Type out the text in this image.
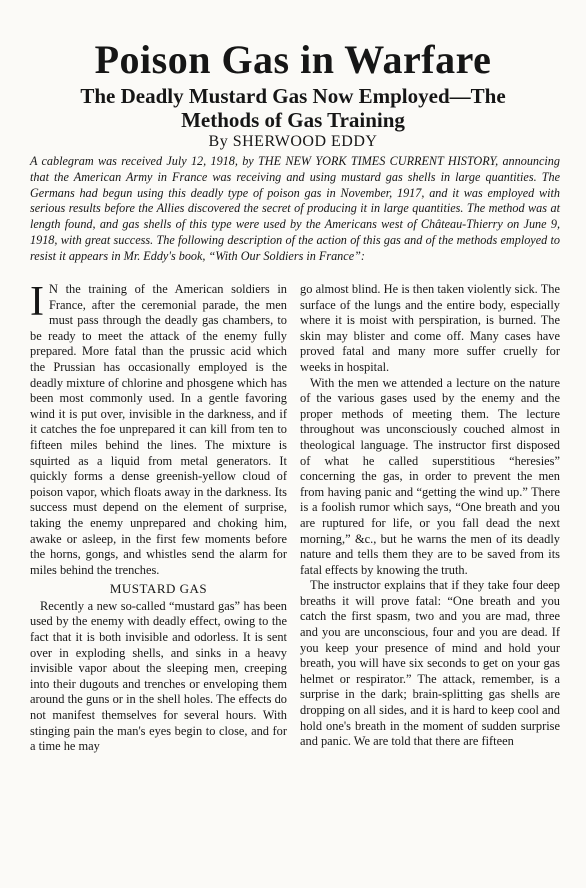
Poison Gas in Warfare
The Deadly Mustard Gas Now Employed—The Methods of Gas Training
By SHERWOOD EDDY
A cablegram was received July 12, 1918, by THE NEW YORK TIMES CURRENT HISTORY, announcing that the American Army in France was receiving and using mustard gas shells in large quantities. The Germans had begun using this deadly type of poison gas in November, 1917, and it was employed with serious results before the Allies discovered the secret of producing it in large quantities. The method was at length found, and gas shells of this type were used by the Americans west of Château-Thierry on June 9, 1918, with great success. The following description of the action of this gas and of the methods employed to resist it appears in Mr. Eddy's book, “With Our Soldiers in France”:

I N the training of the American soldiers in France, after the ceremonial parade, the men must pass through the deadly gas chambers, to be ready to meet the attack of the enemy fully prepared. More fatal than the prussic acid which the Prussian has occasionally employed is the deadly mixture of chlorine and phosgene which has been most commonly used. In a gentle favoring wind it is put over, invisible in the darkness, and if it catches the foe unprepared it can kill from ten to fifteen miles behind the lines. The mixture is squirted as a liquid from metal generators. It quickly forms a dense greenish-yellow cloud of poison vapor, which floats away in the darkness. Its success must depend on the element of surprise, taking the enemy unprepared and choking him, awake or asleep, in the first few moments before the horns, gongs, and whistles send the alarm for miles behind the trenches.

MUSTARD GAS

Recently a new so-called “mustard gas” has been used by the enemy with deadly effect, owing to the fact that it is both invisible and odorless. It is sent over in exploding shells, and sinks in a heavy invisible vapor about the sleeping men, creeping into their dugouts and trenches or enveloping them around the guns or in the shell holes. The effects do not manifest themselves for several hours. With stinging pain the man's eyes begin to close, and for a time he may

go almost blind. He is then taken violently sick. The surface of the lungs and the entire body, especially where it is moist with perspiration, is burned. The skin may blister and come off. Many cases have proved fatal and many more suffer cruelly for weeks in hospital.

With the men we attended a lecture on the nature of the various gases used by the enemy and the proper methods of meeting them. The lecture throughout was unconsciously couched almost in theological language. The instructor first disposed of what he called superstitious “heresies” concerning the gas, in order to prevent the men from having panic and “getting the wind up.” There is a foolish rumor which says, “One breath and you are ruptured for life, or you fall dead the next morning,” &c., but he warns the men of its deadly nature and tells them they are to be saved from its fatal effects by knowing the truth.

The instructor explains that if they take four deep breaths it will prove fatal: “One breath and you catch the first spasm, two and you are mad, three and you are unconscious, four and you are dead. If you keep your presence of mind and hold your breath, you will have six seconds to get on your gas helmet or respirator.” The attack, remember, is a surprise in the dark; brain-splitting gas shells are dropping on all sides, and it is hard to keep cool and hold one's breath in the moment of sudden surprise and panic. We are told that there are fifteen
